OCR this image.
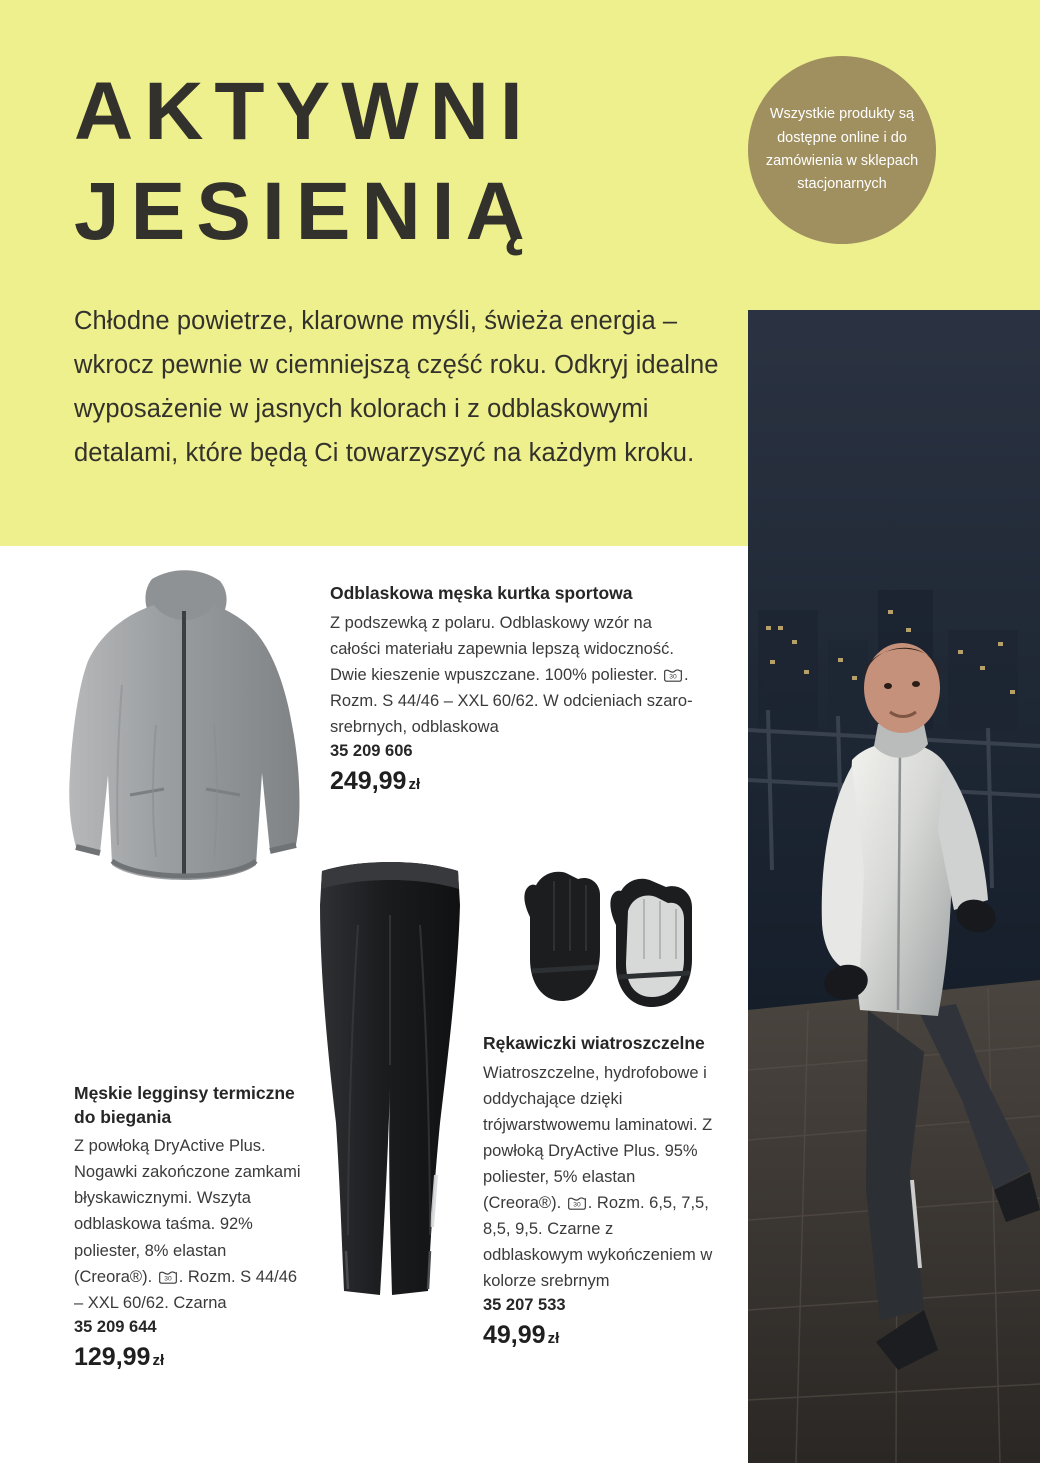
AKTYWNI
JESIENIĄ
Chłodne powietrze, klarowne myśli, świeża energia – wkrocz pewnie w ciemniejszą część roku. Odkryj idealne wyposażenie w jasnych kolorach i z odblaskowymi detalami, które będą Ci towarzyszyć na każdym kroku.
Wszystkie produkty są dostępne online i do zamówienia w sklepach stacjonarnych
Odblaskowa męska kurtka sportowa

Z podszewką z polaru. Odblaskowy wzór na całości materiału zapewnia lepszą widoczność. Dwie kieszenie wpuszczane. 100% poliester. 30 . Rozm. S 44/46 – XXL 60/62. W odcieniach szaro-srebrnych, odblaskowa

35 209 606
249,99 zł
Męskie legginsy termiczne do biegania

Z powłoką DryActive Plus. Nogawki zakończone zamkami błyskawicznymi. Wszyta odblaskowa taśma. 92% poliester, 8% elastan (Creora®). 30 . Rozm. S 44/46 – XXL 60/62. Czarna

35 209 644
129,99 zł
Rękawiczki wiatroszczelne

Wiatroszczelne, hydrofobowe i oddychające dzięki trójwarstwowemu laminatowi. Z powłoką DryActive Plus. 95% poliester, 5% elastan (Creora®). 30 . Rozm. 6,5, 7,5, 8,5, 9,5. Czarne z odblaskowym wykończeniem w kolorze srebrnym

35 207 533
49,99 zł
